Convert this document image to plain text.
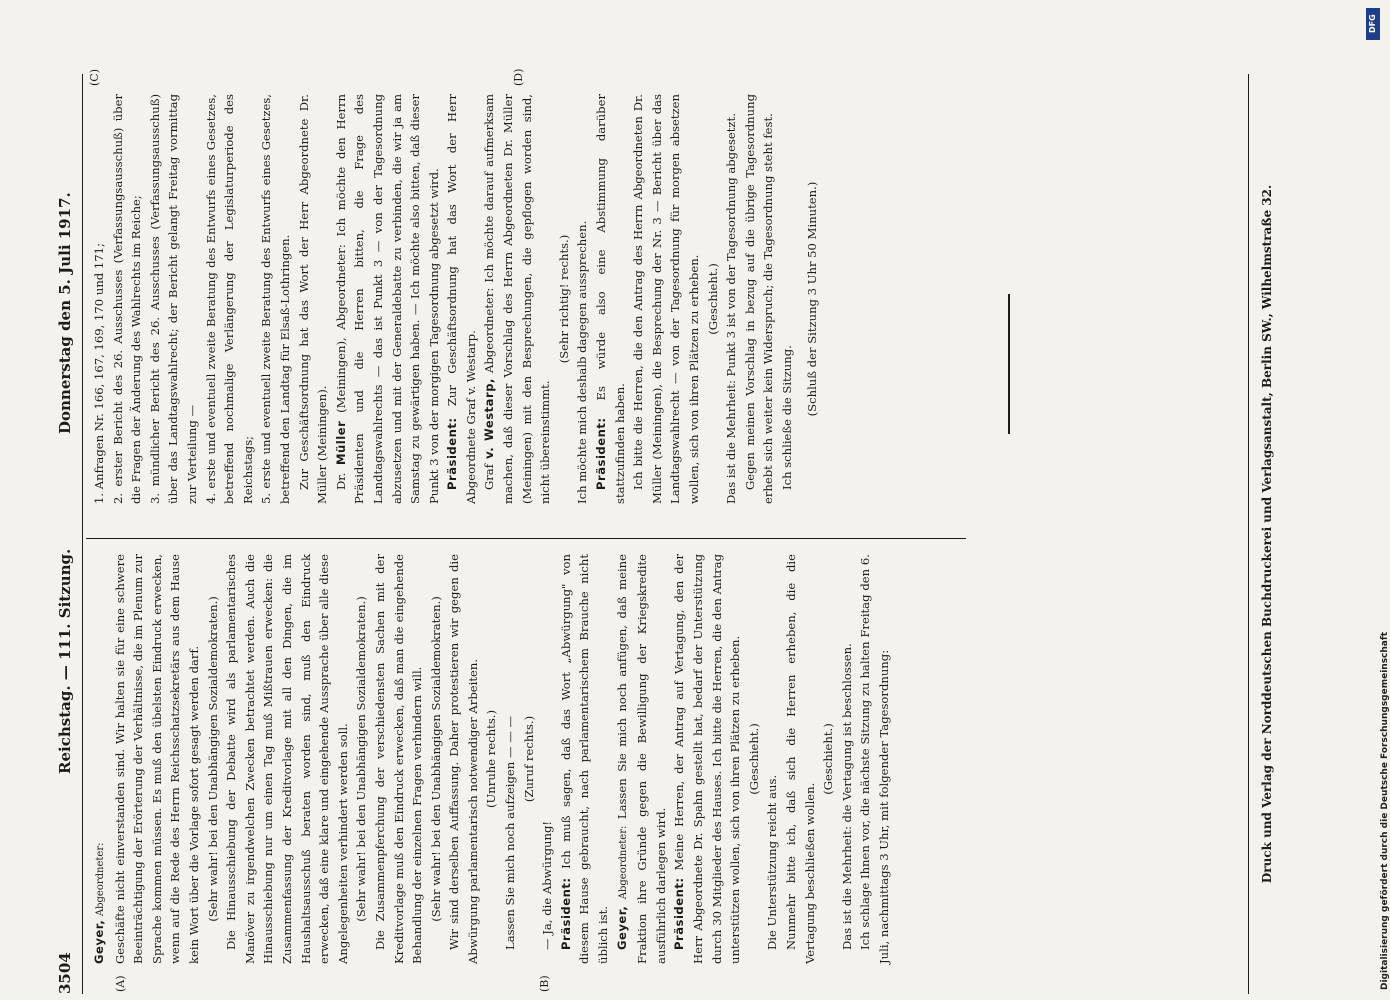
3504
Reichstag. — 111. Sitzung.
Donnerstag den 5. Juli 1917.
(A)	(B)

Geyer, Abgeordneter: Geschäfte nicht einverstanden sind. Wir halten sie für eine schwere Beeinträchtigung der Erörterung der Verhältnisse, die im Plenum zur Sprache kommen müssen. Es muß den übelsten Eindruck erwecken, wenn auf die Rede des Herrn Reichsschatzsekretärs aus dem Hause kein Wort über die Vorlage sofort gesagt werden darf. (Sehr wahr! bei den Unabhängigen Sozialdemokraten.) Die Hinausschiebung der Debatte wird als parlamentarisches Manöver zu irgendwelchen Zwecken betrachtet werden. Auch die Hinausschiebung nur um einen Tag muß Mißtrauen erwecken: die Zusammenfassung der Kreditvorlage mit all den Dingen, die im Haushaltsausschuß beraten worden sind, muß den Eindruck erwecken, daß eine klare und eingehende Aussprache über alle diese Angelegenheiten verhindert werden soll. (Sehr wahr! bei den Unabhängigen Sozialdemokraten.) Die Zusammenpferchung der verschiedensten Sachen mit der Kreditvorlage muß den Eindruck erwecken, daß man die eingehende Behandlung der einzelnen Fragen verhindern will. (Sehr wahr! bei den Unabhängigen Sozialdemokraten.) Wir sind derselben Auffassung. Daher protestieren wir gegen die Abwürgung parlamentarisch notwendiger Arbeiten. (Unruhe rechts.) Lassen Sie mich noch aufzeigen — — — (Zuruf rechts.)

— Ja, die Abwürgung! Präsident: Ich muß sagen, daß das Wort „Abwürgung" von diesem Hause gebraucht, nach parlamentarischem Brauche nicht üblich ist. Geyer, Abgeordneter: Lassen Sie mich noch anfügen, daß meine Fraktion ihre Gründe gegen die Bewilligung der Kriegskredite ausführlich darlegen wird. Präsident: Meine Herren, der Antrag auf Vertagung, den der Herr Abgeordnete Dr. Spahn gestellt hat, bedarf der Unterstützung durch 30 Mitglieder des Hauses. Ich bitte die Herren, die den Antrag unterstützen wollen, sich von ihren Plätzen zu erheben. (Geschieht.)

Die Unterstützung reicht aus. Nunmehr bitte ich, daß sich die Herren erheben, die die Vertagung beschließen wollen.

(Geschieht.) Das ist die Mehrheit: die Vertagung ist beschlossen. Ich schlage Ihnen vor, die nächste Sitzung zu halten Freitag den 6. Juli, nachmittags 3 Uhr, mit folgender Tagesordnung:

(C)	(D)

1. Anfragen Nr. 166, 167, 169, 170 und 171; 2. erster Bericht des 26. Ausschusses (Verfassungsausschuß) über die Fragen der Änderung des Wahlrechts im Reiche; 3. mündlicher Bericht des 26. Ausschusses (Verfassungsausschuß) über das Landtagswahlrecht; der Bericht gelangt Freitag vormittag zur Verteilung — 4. erste und eventuell zweite Beratung des Entwurfs eines Gesetzes, betreffend nochmalige Verlängerung der Legislaturperiode des Reichstags; 5. erste und eventuell zweite Beratung des Entwurfs eines Gesetzes, betreffend den Landtag für Elsaß-Lothringen. Zur Geschäftsordnung hat das Wort der Herr Abgeordnete Dr. Müller (Meiningen). Dr. Müller (Meiningen), Abgeordneter: Ich möchte den Herrn Präsidenten und die Herren bitten, die Frage des Landtagswahlrechts — das ist Punkt 3 — von der Tagesordnung abzusetzen und mit der Generaldebatte zu verbinden, die wir ja am Samstag zu gewärtigen haben. — Ich möchte also bitten, daß dieser Punkt 3 von der morgigen Tagesordnung abgesetzt wird. Präsident: Zur Geschäftsordnung hat das Wort der Herr Abgeordnete Graf v. Westarp. Graf v. Westarp, Abgeordneter: Ich möchte darauf aufmerksam machen, daß dieser Vorschlag des Herrn Abgeordneten Dr. Müller (Meiningen) mit den Besprechungen, die gepflogen worden sind, nicht übereinstimmt.

(Sehr richtig! rechts.) Ich möchte mich deshalb dagegen aussprechen. Präsident: Es würde also eine Abstimmung darüber stattzufinden haben. Ich bitte die Herren, die den Antrag des Herrn Abgeordneten Dr. Müller (Meiningen), die Besprechung der Nr. 3 — Bericht über das Landtagswahlrecht — von der Tagesordnung für morgen absetzen wollen, sich von ihren Plätzen zu erheben. (Geschieht.) Das ist die Mehrheit: Punkt 3 ist von der Tagesordnung abgesetzt. Gegen meinen Vorschlag in bezug auf die übrige Tagesordnung erhebt sich weiter kein Widerspruch; die Tagesordnung steht fest. Ich schließe die Sitzung.

(Schluß der Sitzung 3 Uhr 50 Minuten.)	Druck und Verlag der Norddeutschen Buchdruckerei und Verlagsanstalt, Berlin SW., Wilhelmstraße 32.	Digitalisierung gefördert durch die Deutsche Forschungsgemeinschaft
DFG
